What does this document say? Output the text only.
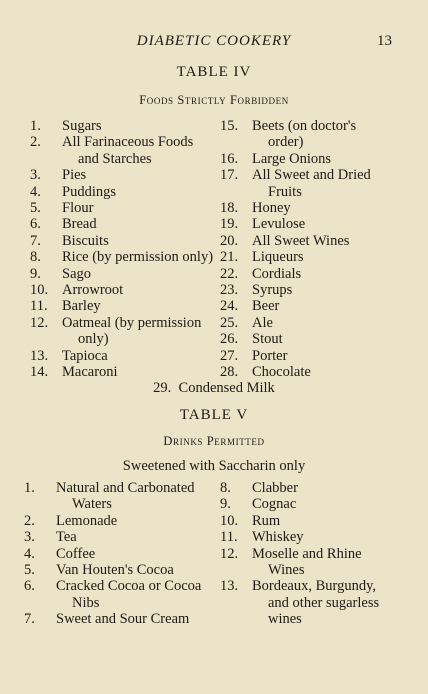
DIABETIC COOKERY	13
TABLE IV
Foods Strictly Forbidden
1. Sugars
2. All Farinaceous Foods
and Starches
3. Pies
4. Puddings
5. Flour
6. Bread
7. Biscuits
8. Rice (by permission only)
9. Sago
10. Arrowroot
11. Barley
12. Oatmeal (by permission
only)
13. Tapioca
14. Macaroni
15. Beets (on doctor's
order)
16. Large Onions
17. All Sweet and Dried
Fruits
18. Honey
19. Levulose
20. All Sweet Wines
21. Liqueurs
22. Cordials
23. Syrups
24. Beer
25. Ale
26. Stout
27. Porter
28. Chocolate
29. Condensed Milk
TABLE V
Drinks Permitted
Sweetened with Saccharin only
1. Natural and Carbonated
Waters
2. Lemonade
3. Tea
4. Coffee
5. Van Houten's Cocoa
6. Cracked Cocoa or Cocoa
Nibs
7. Sweet and Sour Cream
8. Clabber
9. Cognac
10. Rum
11. Whiskey
12. Moselle and Rhine
Wines
13. Bordeaux, Burgundy,
and other sugarless
wines
